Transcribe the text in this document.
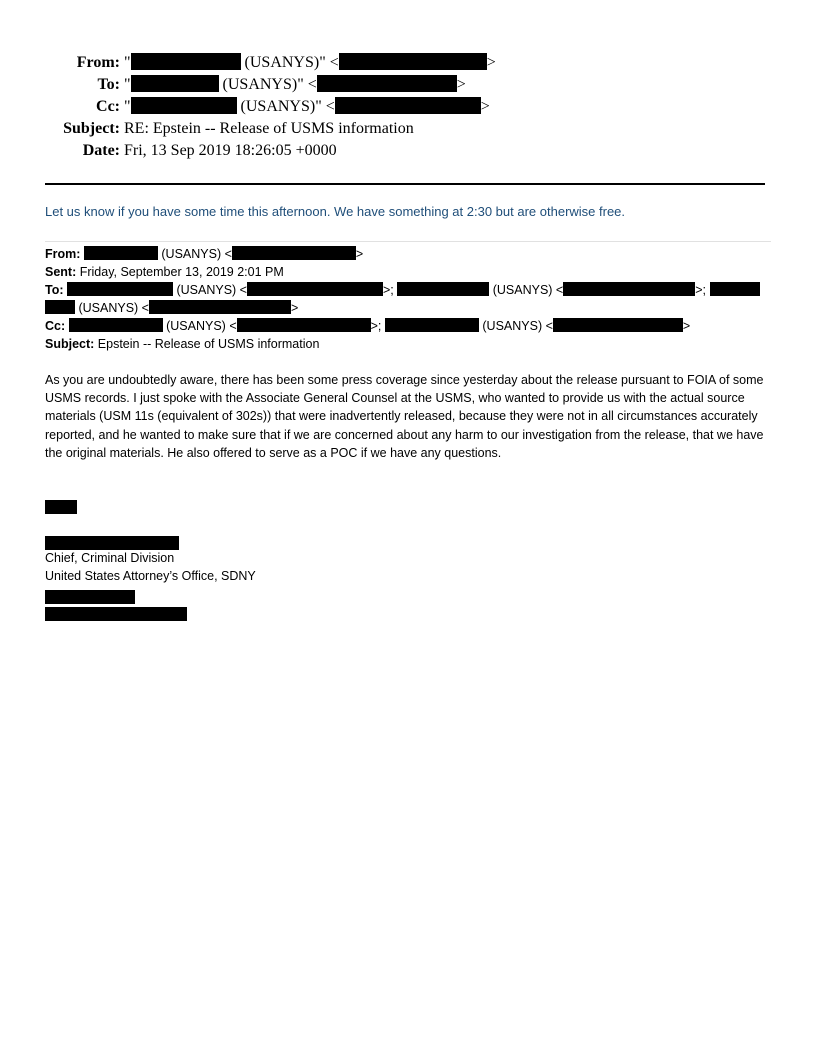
From: "	(USANYS)" <	>
To: "	(USANYS)" <	>
Cc: "	(USANYS)" <	>
Subject: RE: Epstein -- Release of USMS information
Date: Fri, 13 Sep 2019 18:26:05 +0000
Let us know if you have some time this afternoon. We have something at 2:30 but are otherwise free.
From:	(USANYS) <	>
Sent: Friday, September 13, 2019 2:01 PM
To:	(USANYS) <	>;	(USANYS) <	>;
(USANYS) <	>
Cc:	(USANYS) <	>;	(USANYS) <	>
Subject: Epstein -- Release of USMS information
As you are undoubtedly aware, there has been some press coverage since yesterday about the release pursuant to FOIA of some USMS records. I just spoke with the Associate General Counsel at the USMS, who wanted to provide us with the actual source materials (USM 11s (equivalent of 302s)) that were inadvertently released, because they were not in all circumstances accurately reported, and he wanted to make sure that if we are concerned about any harm to our investigation from the release, that we have the original materials. He also offered to serve as a POC if we have any questions.
Chief, Criminal Division
United States Attorney’s Office, SDNY
